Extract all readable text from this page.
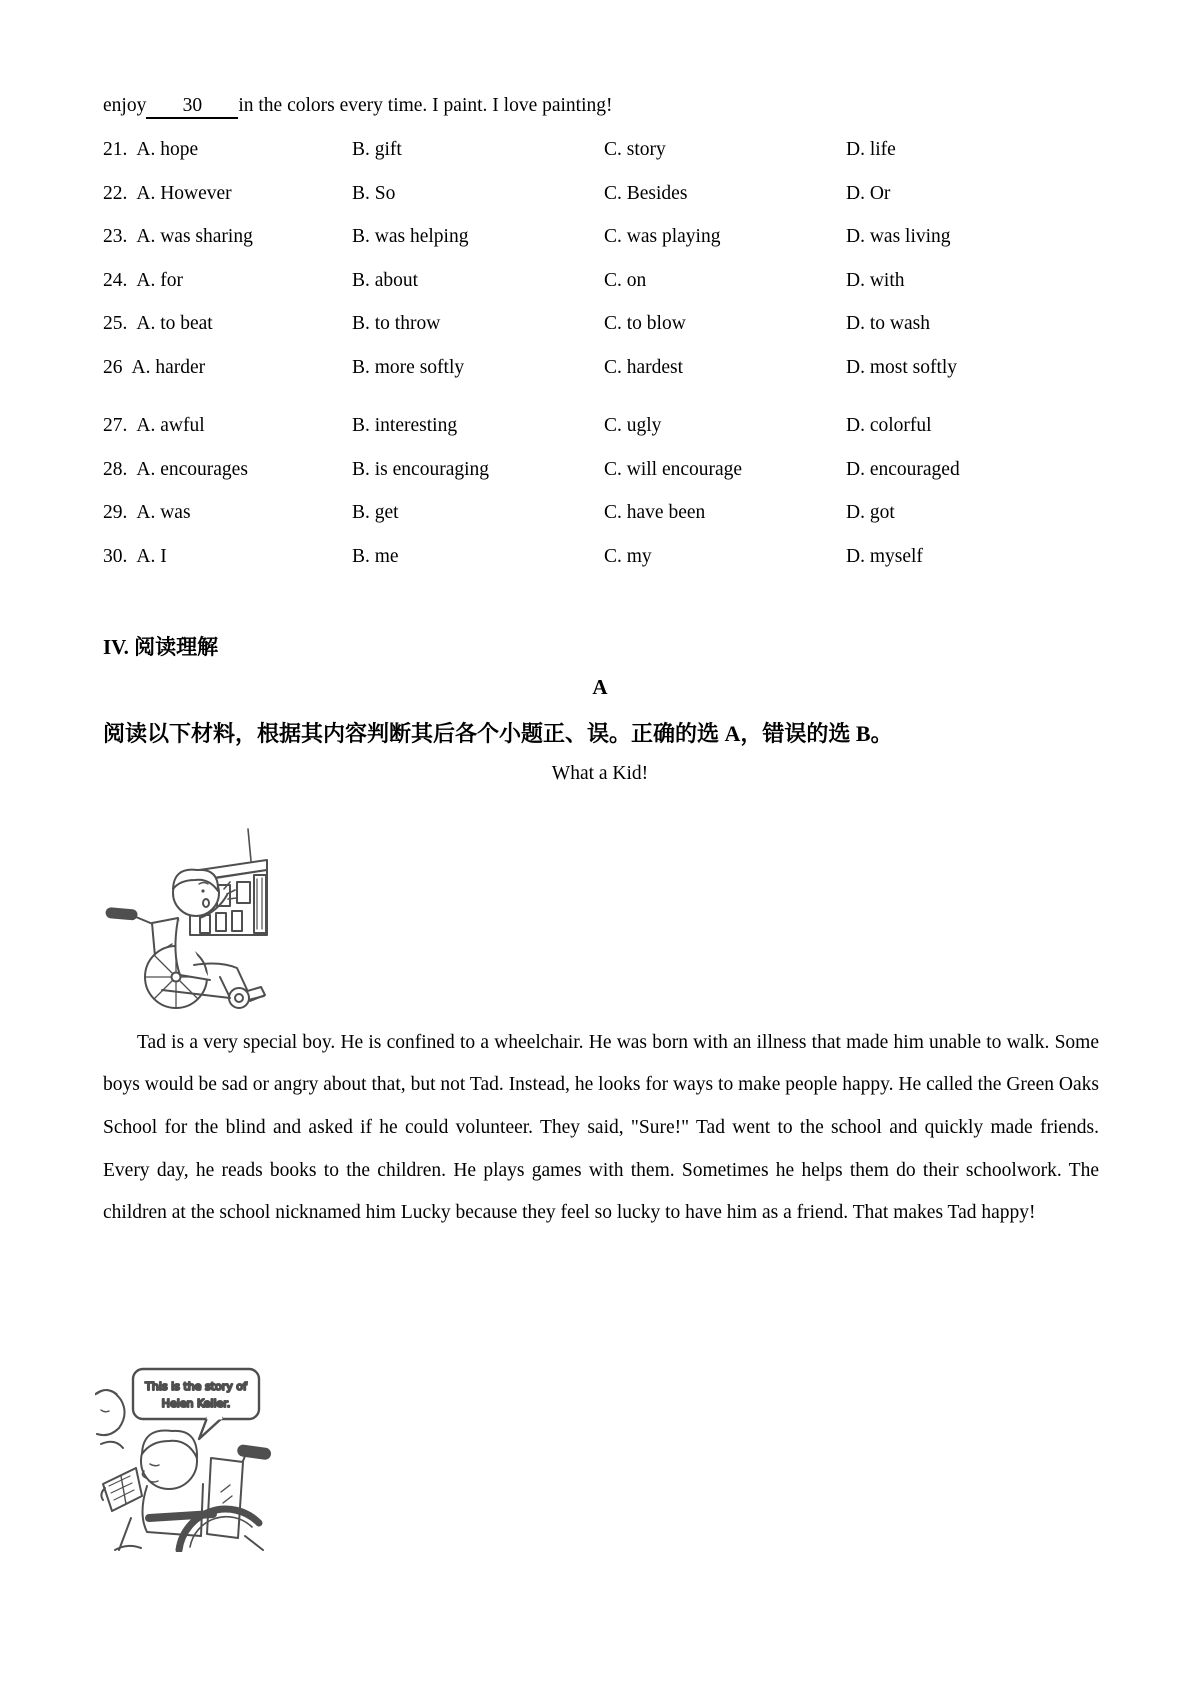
enjoy 30 in the colors every time. I paint. I love painting!
21. A. hope	B. gift	C. story	D. life
22. A. However	B. So	C. Besides	D. Or
23. A. was sharing	B. was helping	C. was playing	D. was living
24. A. for	B. about	C. on	D. with
25. A. to beat	B. to throw	C. to blow	D. to wash
26 A. harder	B. more softly	C. hardest	D. most softly
27. A. awful	B. interesting	C. ugly	D. colorful
28. A. encourages	B. is encouraging	C. will encourage	D. encouraged
29. A. was	B. get	C. have been	D. got
30. A. I	B. me	C. my	D. myself
IV. 阅读理解
A
阅读以下材料，根据其内容判断其后各个小题正、误。正确的选 A，错误的选 B。
What a Kid!

Tad is a very special boy. He is confined to a wheelchair. He was born with an illness that made him unable to walk. Some boys would be sad or angry about that, but not Tad. Instead, he looks for ways to make people happy. He called the Green Oaks School for the blind and asked if he could volunteer. They said, "Sure!" Tad went to the school and quickly made friends. Every day, he reads books to the children. He plays games with them. Sometimes he helps them do their schoolwork. The children at the school nicknamed him Lucky because they feel so lucky to have him as a friend. That makes Tad happy!

This is the story of
Helen Keller.
